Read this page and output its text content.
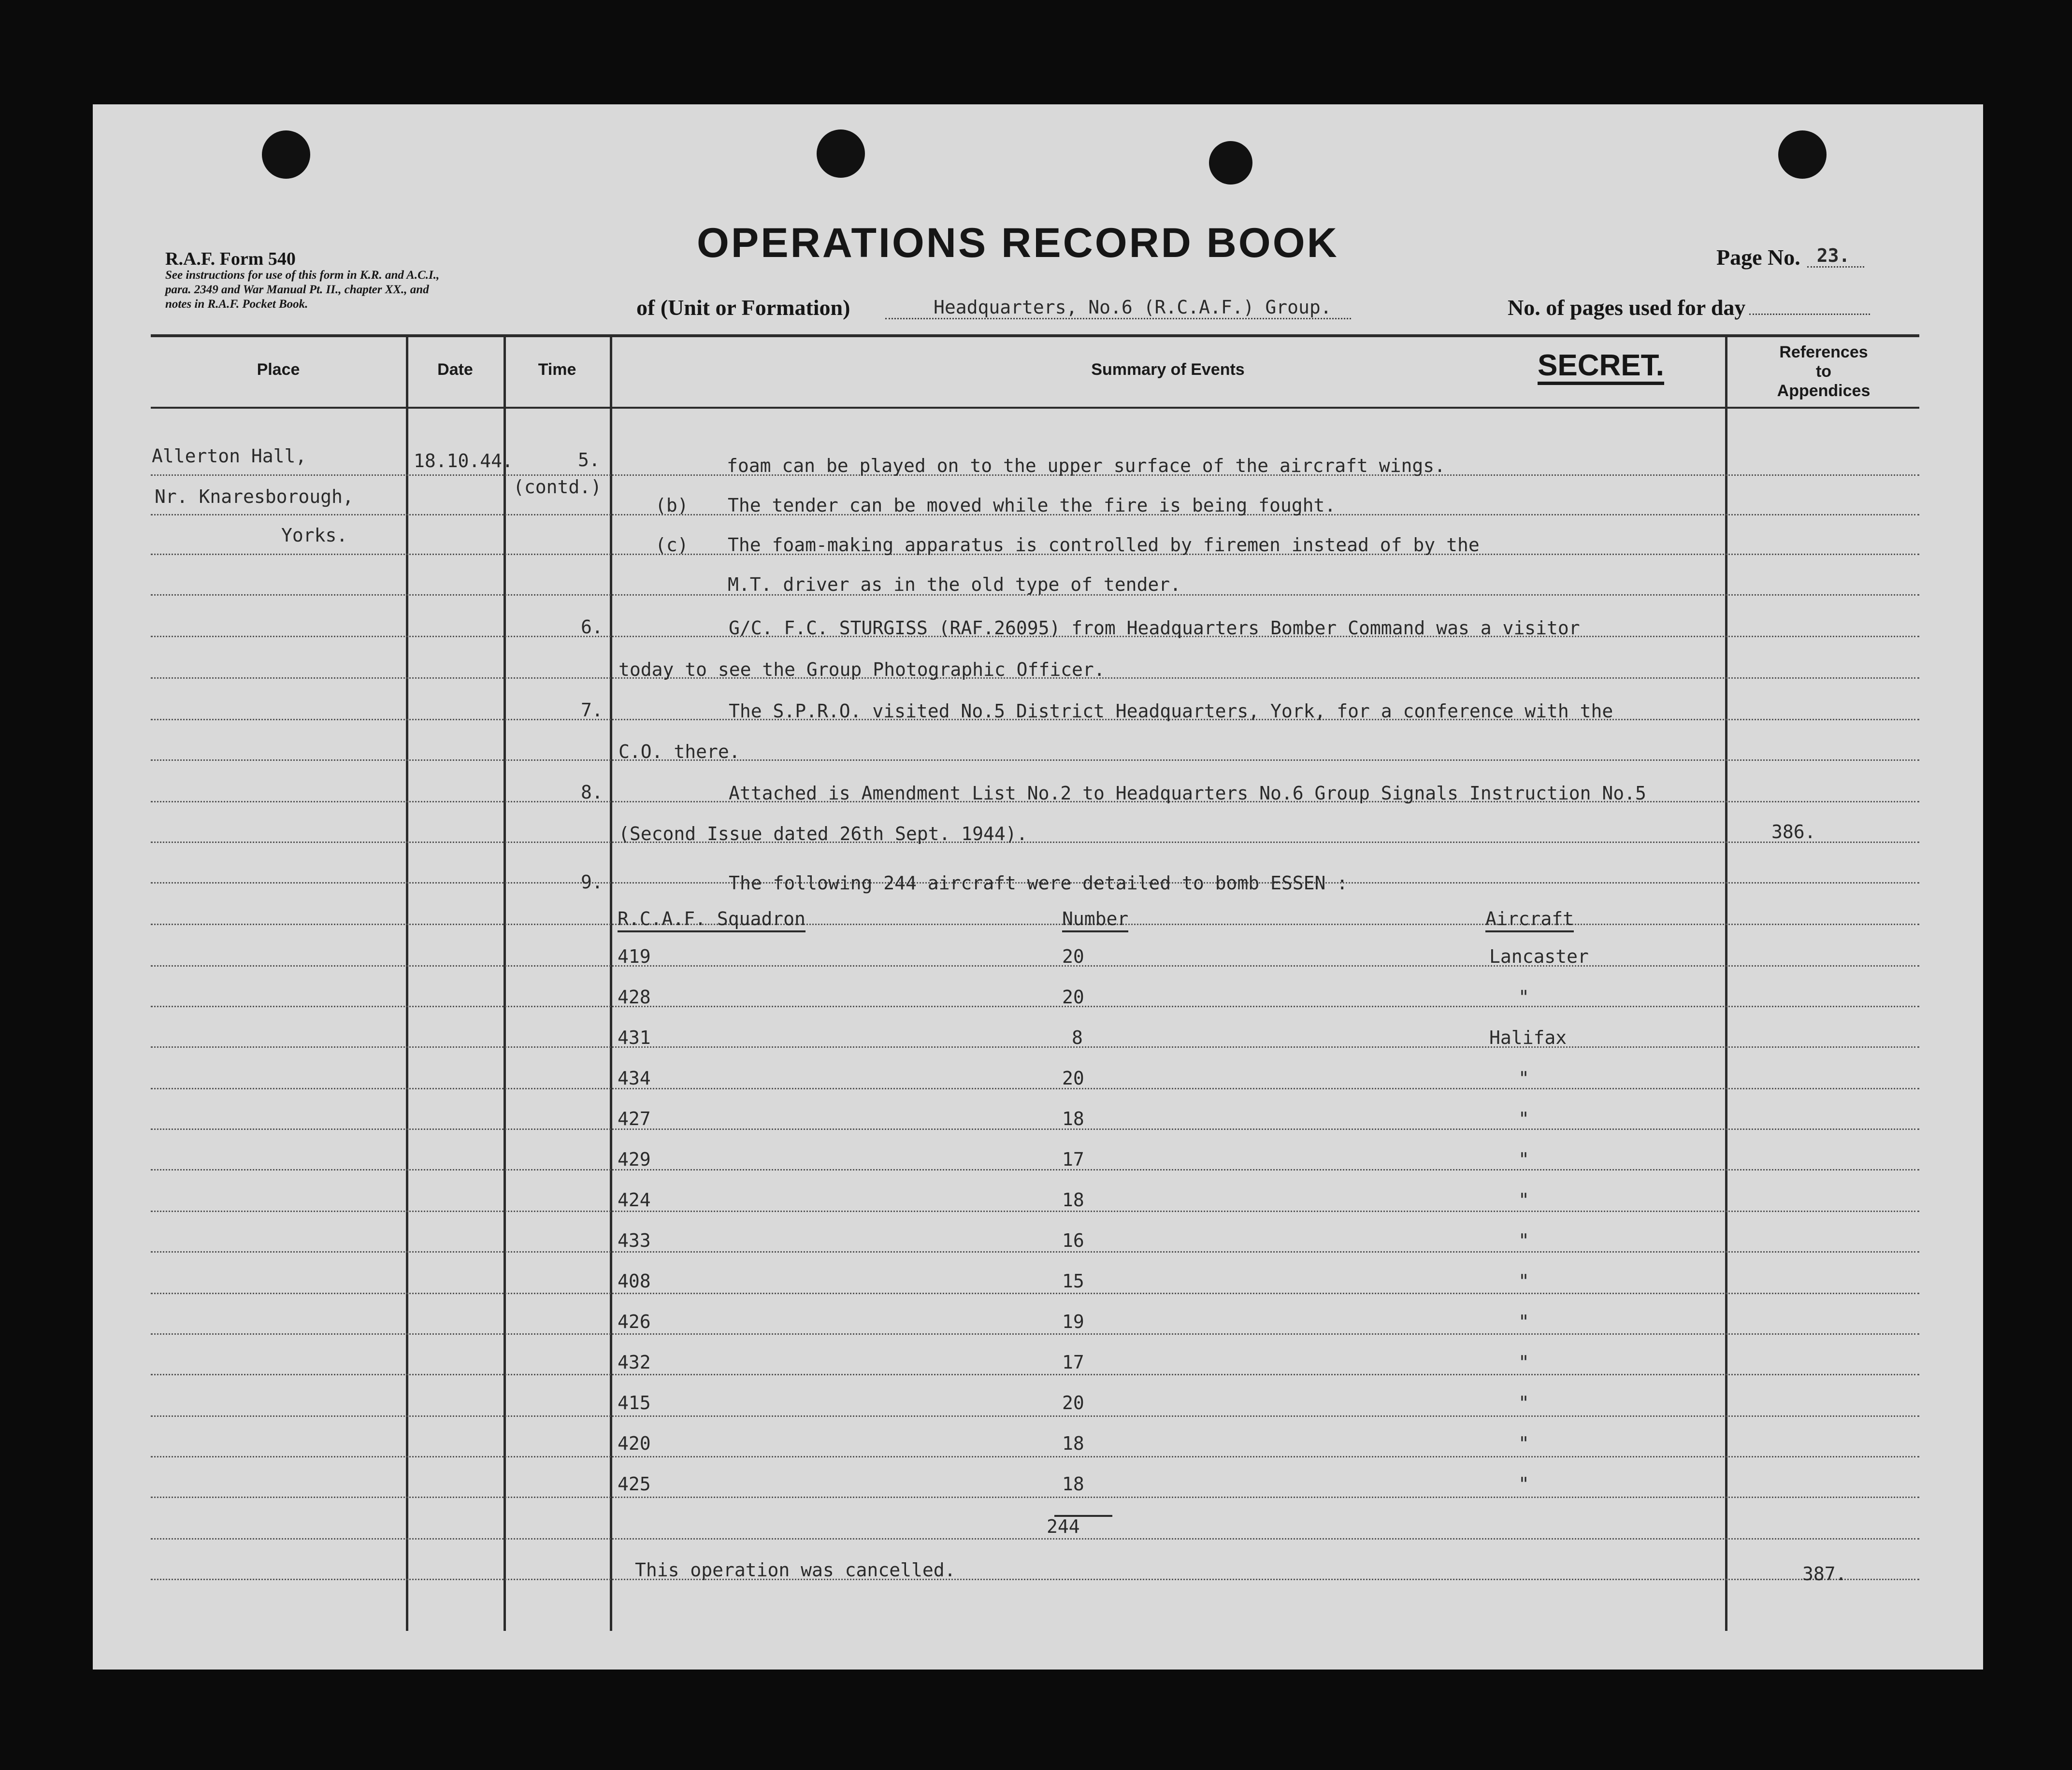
R.A.F. Form 540
See instructions for use of this form in K.R. and A.C.I.,
para. 2349 and War Manual Pt. II., chapter XX., and
notes in R.A.F. Pocket Book.
OPERATIONS RECORD BOOK	Page No. 23.
of (Unit or Formation)	Headquarters, No.6 (R.C.A.F.) Group.	No. of pages used for day
Place	Date	Time	Summary of Events	SECRET.	References
to
Appendices
Allerton Hall,
Nr. Knaresborough,
Yorks.
18.10.44.	5.
(contd.)
foam can be played on to the upper surface of the aircraft wings.
(b) The tender can be moved while the fire is being fought.
(c) The foam-making apparatus is controlled by firemen instead of by the
M.T. driver as in the old type of tender.
6.	G/C. F.C. STURGISS (RAF.26095) from Headquarters Bomber Command was a visitor
today to see the Group Photographic Officer.
7.	The S.P.R.O. visited No.5 District Headquarters, York, for a conference with the
C.O. there.
8.	Attached is Amendment List No.2 to Headquarters No.6 Group Signals Instruction No.5
(Second Issue dated 26th Sept. 1944).	386.
9.	The following 244 aircraft were detailed to bomb ESSEN :
R.C.A.F. Squadron	Number	Aircraft
419	20	Lancaster
428	20	"
431	8	Halifax
434	20	"
427	18	"
429	17	"
424	18	"
433	16	"
408	15	"
426	19	"
432	17	"
415	20	"
420	18	"
425	18	"
244
This operation was cancelled.	387.
